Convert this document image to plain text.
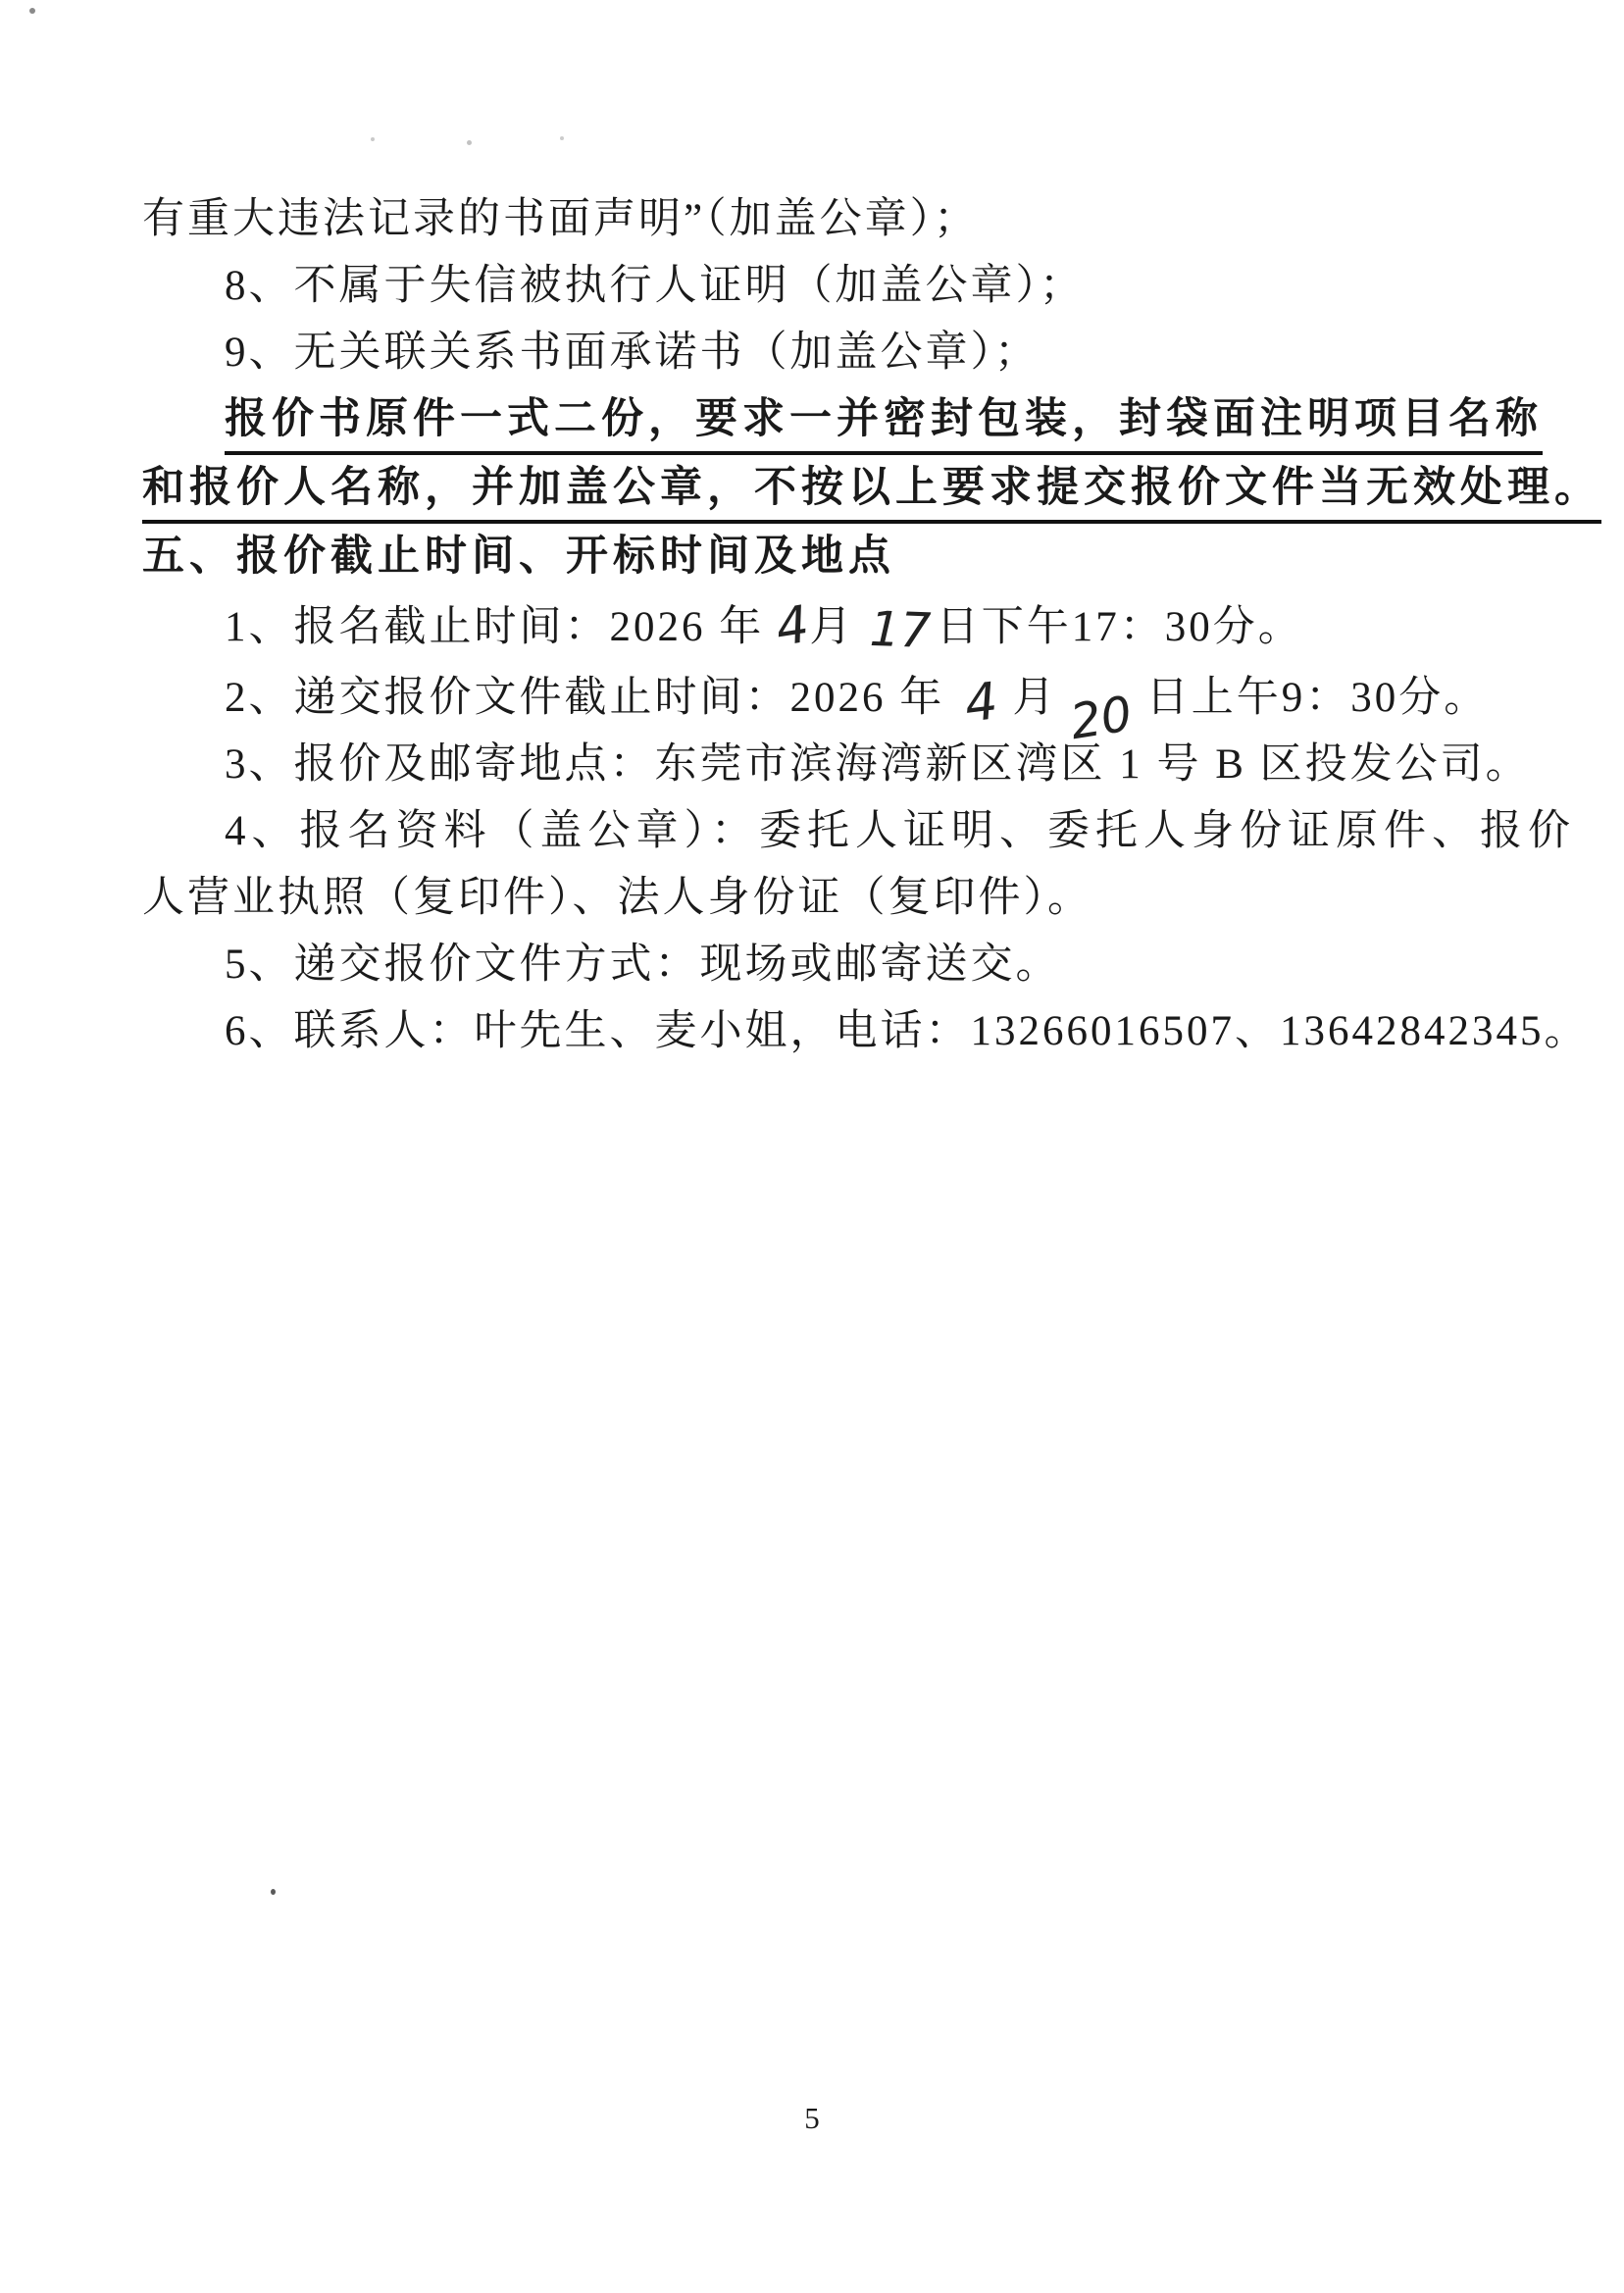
有重大违法记录的书面声明”（加盖公章）；
8、不属于失信被执行人证明（加盖公章）；
9、无关联关系书面承诺书（加盖公章）；
报价书原件一式二份，要求一并密封包装，封袋面注明项目名称
和报价人名称，并加盖公章，不按以上要求提交报价文件当无效处理。
五、报价截止时间、开标时间及地点
1、报名截止时间：2026 年 4月 17日下午17：30分。
2、递交报价文件截止时间：2026 年 4 月 20 日上午9：30分。
3、报价及邮寄地点：东莞市滨海湾新区湾区 1 号 B 区投发公司。
4、报名资料（盖公章）：委托人证明、委托人身份证原件、报价
人营业执照（复印件）、法人身份证（复印件）。
5、递交报价文件方式：现场或邮寄送交。
6、联系人：叶先生、麦小姐，电话：13266016507、13642842345。
5
